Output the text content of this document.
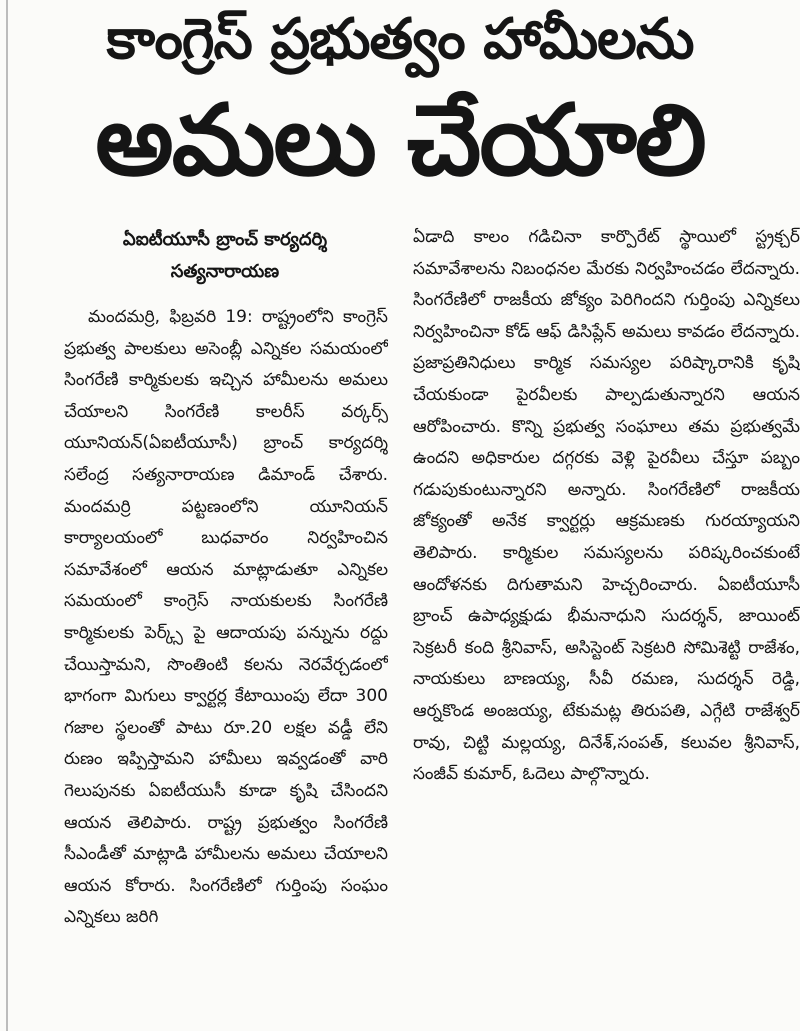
కాంగ్రెస్ ప్రభుత్వం హామీలను
అమలు చేయాలి
ఏఐటీయూసీ బ్రాంచ్ కార్యదర్శి
సత్యనారాయణ

మందమర్రి, ఫిబ్రవరి 19: రాష్ట్రంలోని కాంగ్రెస్ ప్రభుత్వ పాలకులు అసెంబ్లీ ఎన్నికల సమయంలో సింగరేణి కార్మికులకు ఇచ్చిన హామీలను అమలు చేయాలని సింగరేణి కాలరీస్ వర్కర్స్ యూనియన్(ఏఐటీయూసీ) బ్రాంచ్ కార్యదర్శి సలేంద్ర సత్యనారాయణ డిమాండ్ చేశారు. మందమర్రి పట్టణంలోని యూనియన్ కార్యాలయంలో బుధవారం నిర్వహించిన సమావేశంలో ఆయన మాట్లాడుతూ ఎన్నికల సమయంలో కాంగ్రెస్ నాయకులకు సింగరేణి కార్మికులకు పెర్క్స్ పై ఆదాయపు పన్నును రద్దు చేయిస్తామని, సొంతింటి కలను నెరవేర్చడంలో భాగంగా మిగులు క్వార్టర్ల కేటాయింపు లేదా 300 గజాల స్థలంతో పాటు రూ.20 లక్షల వడ్డీ లేని రుణం ఇప్పిస్తామని హామీలు ఇవ్వడంతో వారి గెలుపునకు ఏఐటీయుసీ కూడా కృషి చేసిందని ఆయన తెలిపారు. రాష్ట్ర ప్రభుత్వం సింగరేణి సీఎండీతో మాట్లాడి హామీలను అమలు చేయాలని ఆయన కోరారు. సింగరేణిలో గుర్తింపు సంఘం ఎన్నికలు జరిగి

ఏడాది కాలం గడిచినా కార్పొరేట్ స్థాయిలో స్ట్రక్చర్ సమావేశాలను నిబంధనల మేరకు నిర్వహించడం లేదన్నారు. సింగరేణిలో రాజకీయ జోక్యం పెరిగిందని గుర్తింపు ఎన్నికలు నిర్వహించినా కోడ్ ఆఫ్ డిసిప్లేన్ అమలు కావడం లేదన్నారు. ప్రజాప్రతినిధులు కార్మిక సమస్యల పరిష్కారానికి కృషి చేయకుండా పైరవీలకు పాల్పడుతున్నారని ఆయన ఆరోపించారు. కొన్ని ప్రభుత్వ సంఘాలు తమ ప్రభుత్వమే ఉందని అధికారుల దగ్గరకు వెళ్లి పైరవీలు చేస్తూ పబ్బం గడుపుకుంటున్నారని అన్నారు. సింగరేణిలో రాజకీయ జోక్యంతో అనేక క్వార్టర్లు ఆక్రమణకు గురయ్యాయని తెలిపారు. కార్మికుల సమస్యలను పరిష్కరించకుంటే ఆందోళనకు దిగుతామని హెచ్చరించారు. ఏఐటీయూసీ బ్రాంచ్ ఉపాధ్యక్షుడు భీమనాధుని సుదర్శన్, జాయింట్ సెక్రటరీ కంది శ్రీనివాస్, అసిస్టెంట్ సెక్రటరి సోమిశెట్టి రాజేశం, నాయకులు బాణయ్య, సీవీ రమణ, సుదర్శన్ రెడ్డి, ఆర్నకొండ అంజయ్య, టేకుమట్ల తిరుపతి, ఎగ్గేటి రాజేశ్వర్ రావు, చిట్టి మల్లయ్య, దినేశ్,సంపత్, కలువల శ్రీనివాస్, సంజీవ్ కుమార్, ఓదెలు పాల్గొన్నారు.
